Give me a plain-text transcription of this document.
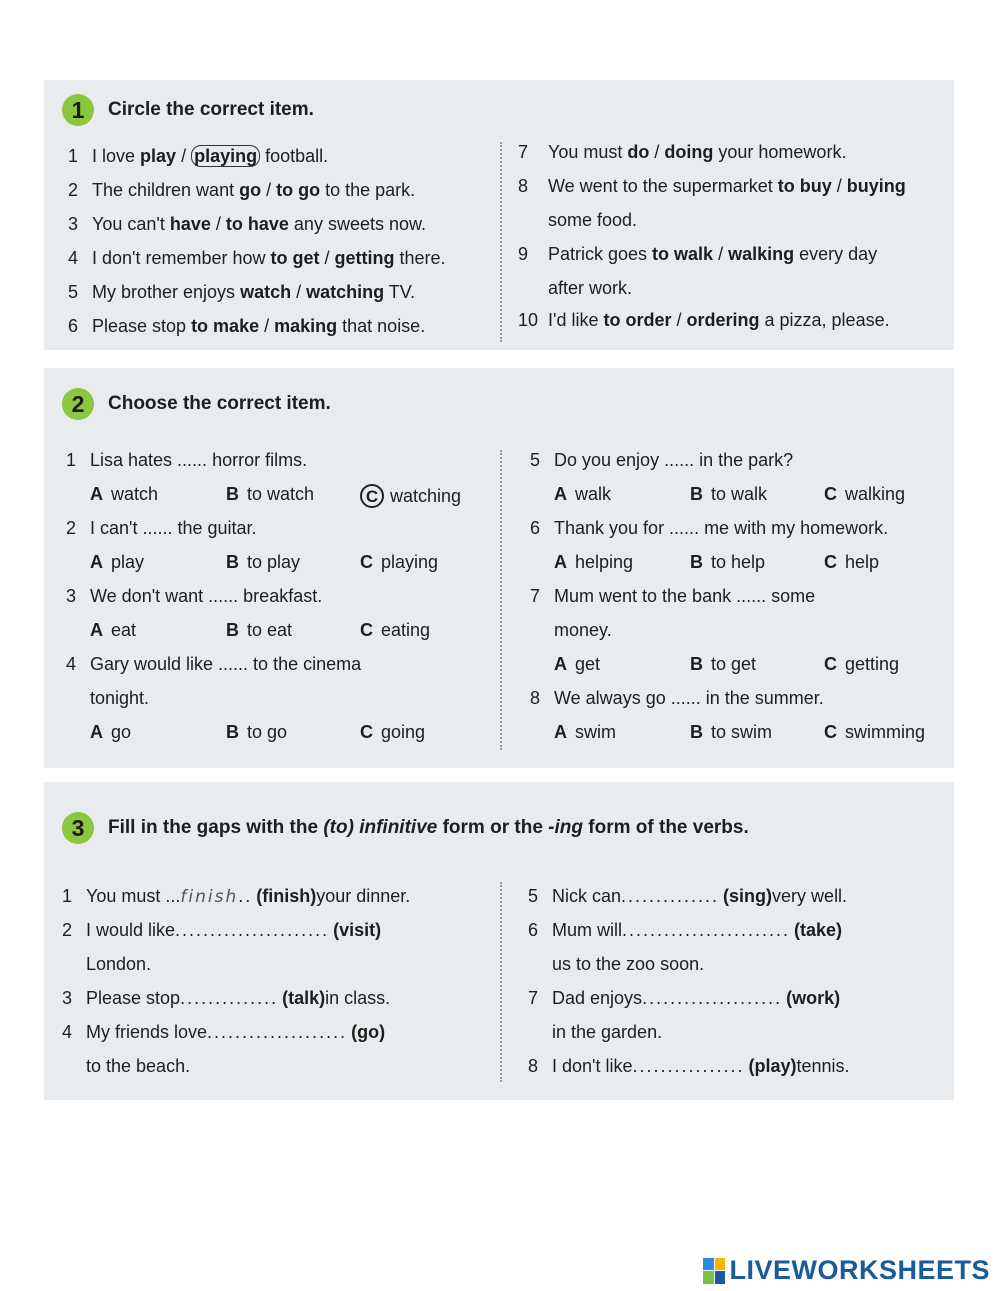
1	Circle the correct item.
1 I love play / playing football.
2 The children want go / to go to the park.
3 You can't have / to have any sweets now.
4 I don't remember how to get / getting there.
5 My brother enjoys watch / watching TV.
6 Please stop to make / making that noise.
7	You must do / doing your homework.
8	We went to the supermarket to buy / buying
some food.
9	Patrick goes to walk / walking every day
after work.
10 I'd like to order / ordering a pizza, please.
2	Choose the correct item.
1 Lisa hates ...... horror films.
A watch	B to watch	C watching
2 I can't ...... the guitar.
A play	B to play	C playing
3 We don't want ...... breakfast.
A eat	B to eat	C eating
4 Gary would like ...... to the cinema
tonight.
A go	B to go	C going
5 Do you enjoy ...... in the park?
A walk	B to walk	C walking
6 Thank you for ...... me with my homework.
A helping	B to help	C help
7 Mum went to the bank ...... some
money.
A get	B to get	C getting
8 We always go ...... in the summer.
A swim	B to swim	C swimming
3	Fill in the gaps with the (to) infinitive form or the -ing form of the verbs.
1 You must ... finish.. (finish) your dinner.
2 I would like ...................... (visit)
London.
3 Please stop .............. (talk) in class.
4 My friends love .................... (go)
to the beach.
5 Nick can .............. (sing) very well.
6 Mum will ........................ (take)
us to the zoo soon.
7 Dad enjoys .................... (work)
in the garden.
8 I don't like ................ (play) tennis.
LIVEWORKSHEETS
